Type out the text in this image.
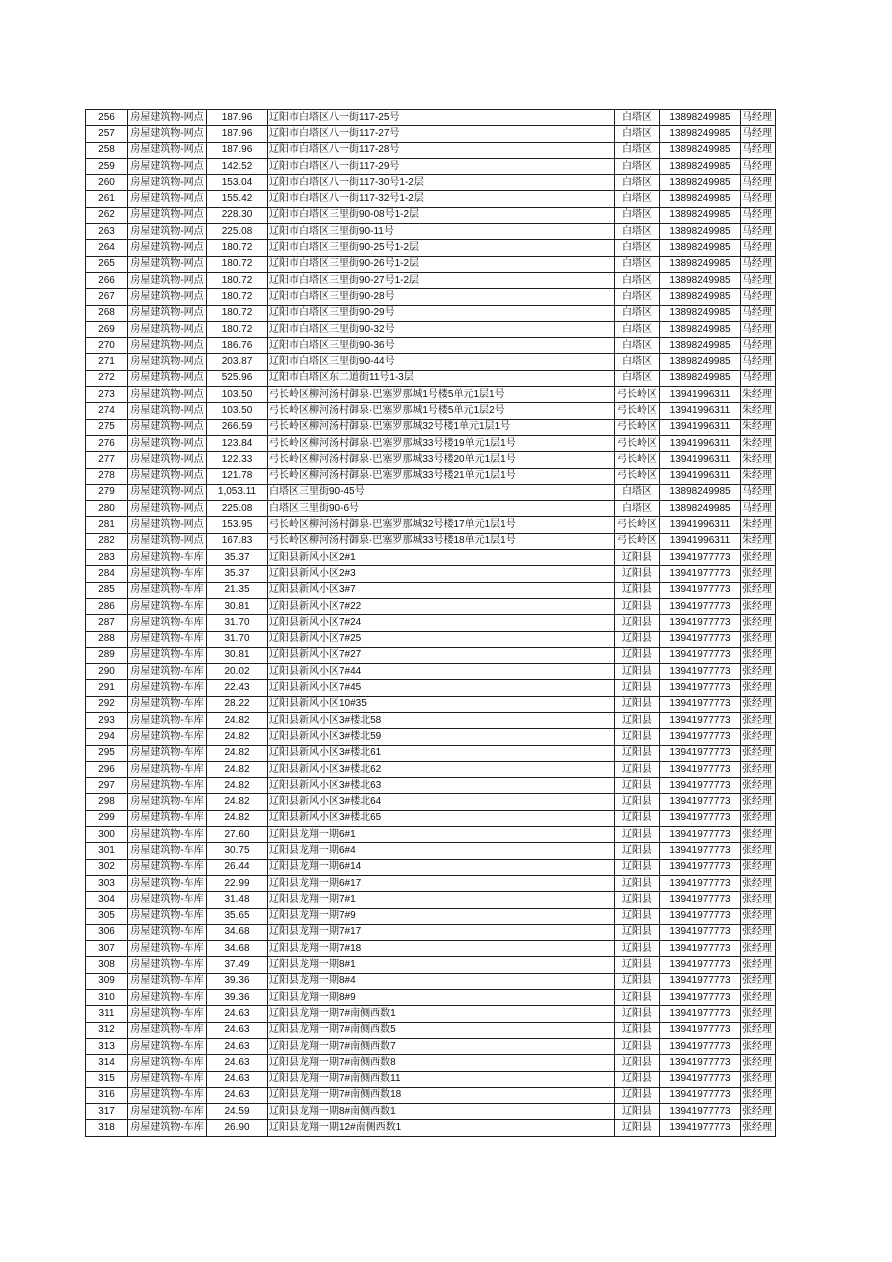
256	房屋建筑物-网点	187.96	辽阳市白塔区八一街117-25号	白塔区	13898249985	马经理
257	房屋建筑物-网点	187.96	辽阳市白塔区八一街117-27号	白塔区	13898249985	马经理
258	房屋建筑物-网点	187.96	辽阳市白塔区八一街117-28号	白塔区	13898249985	马经理
259	房屋建筑物-网点	142.52	辽阳市白塔区八一街117-29号	白塔区	13898249985	马经理
260	房屋建筑物-网点	153.04	辽阳市白塔区八一街117-30号1-2层	白塔区	13898249985	马经理
261	房屋建筑物-网点	155.42	辽阳市白塔区八一街117-32号1-2层	白塔区	13898249985	马经理
262	房屋建筑物-网点	228.30	辽阳市白塔区三里街90-08号1-2层	白塔区	13898249985	马经理
263	房屋建筑物-网点	225.08	辽阳市白塔区三里街90-11号	白塔区	13898249985	马经理
264	房屋建筑物-网点	180.72	辽阳市白塔区三里街90-25号1-2层	白塔区	13898249985	马经理
265	房屋建筑物-网点	180.72	辽阳市白塔区三里街90-26号1-2层	白塔区	13898249985	马经理
266	房屋建筑物-网点	180.72	辽阳市白塔区三里街90-27号1-2层	白塔区	13898249985	马经理
267	房屋建筑物-网点	180.72	辽阳市白塔区三里街90-28号	白塔区	13898249985	马经理
268	房屋建筑物-网点	180.72	辽阳市白塔区三里街90-29号	白塔区	13898249985	马经理
269	房屋建筑物-网点	180.72	辽阳市白塔区三里街90-32号	白塔区	13898249985	马经理
270	房屋建筑物-网点	186.76	辽阳市白塔区三里街90-36号	白塔区	13898249985	马经理
271	房屋建筑物-网点	203.87	辽阳市白塔区三里街90-44号	白塔区	13898249985	马经理
272	房屋建筑物-网点	525.96	辽阳市白塔区东二道街11号1-3层	白塔区	13898249985	马经理
273	房屋建筑物-网点	103.50	弓长岭区柳河汤村御泉·巴塞罗那城1号楼5单元1层1号	弓长岭区	13941996311	朱经理
274	房屋建筑物-网点	103.50	弓长岭区柳河汤村御泉·巴塞罗那城1号楼5单元1层2号	弓长岭区	13941996311	朱经理
275	房屋建筑物-网点	266.59	弓长岭区柳河汤村御泉·巴塞罗那城32号楼1单元1层1号	弓长岭区	13941996311	朱经理
276	房屋建筑物-网点	123.84	弓长岭区柳河汤村御泉·巴塞罗那城33号楼19单元1层1号	弓长岭区	13941996311	朱经理
277	房屋建筑物-网点	122.33	弓长岭区柳河汤村御泉·巴塞罗那城33号楼20单元1层1号	弓长岭区	13941996311	朱经理
278	房屋建筑物-网点	121.78	弓长岭区柳河汤村御泉·巴塞罗那城33号楼21单元1层1号	弓长岭区	13941996311	朱经理
279	房屋建筑物-网点	1,053.11	白塔区三里街90-45号	白塔区	13898249985	马经理
280	房屋建筑物-网点	225.08	白塔区三里街90-6号	白塔区	13898249985	马经理
281	房屋建筑物-网点	153.95	弓长岭区柳河汤村御泉·巴塞罗那城32号楼17单元1层1号	弓长岭区	13941996311	朱经理
282	房屋建筑物-网点	167.83	弓长岭区柳河汤村御泉·巴塞罗那城33号楼18单元1层1号	弓长岭区	13941996311	朱经理
283	房屋建筑物-车库	35.37	辽阳县新风小区2#1	辽阳县	13941977773	张经理
284	房屋建筑物-车库	35.37	辽阳县新风小区2#3	辽阳县	13941977773	张经理
285	房屋建筑物-车库	21.35	辽阳县新风小区3#7	辽阳县	13941977773	张经理
286	房屋建筑物-车库	30.81	辽阳县新风小区7#22	辽阳县	13941977773	张经理
287	房屋建筑物-车库	31.70	辽阳县新风小区7#24	辽阳县	13941977773	张经理
288	房屋建筑物-车库	31.70	辽阳县新风小区7#25	辽阳县	13941977773	张经理
289	房屋建筑物-车库	30.81	辽阳县新风小区7#27	辽阳县	13941977773	张经理
290	房屋建筑物-车库	20.02	辽阳县新风小区7#44	辽阳县	13941977773	张经理
291	房屋建筑物-车库	22.43	辽阳县新风小区7#45	辽阳县	13941977773	张经理
292	房屋建筑物-车库	28.22	辽阳县新风小区10#35	辽阳县	13941977773	张经理
293	房屋建筑物-车库	24.82	辽阳县新风小区3#楼北58	辽阳县	13941977773	张经理
294	房屋建筑物-车库	24.82	辽阳县新风小区3#楼北59	辽阳县	13941977773	张经理
295	房屋建筑物-车库	24.82	辽阳县新风小区3#楼北61	辽阳县	13941977773	张经理
296	房屋建筑物-车库	24.82	辽阳县新风小区3#楼北62	辽阳县	13941977773	张经理
297	房屋建筑物-车库	24.82	辽阳县新风小区3#楼北63	辽阳县	13941977773	张经理
298	房屋建筑物-车库	24.82	辽阳县新风小区3#楼北64	辽阳县	13941977773	张经理
299	房屋建筑物-车库	24.82	辽阳县新风小区3#楼北65	辽阳县	13941977773	张经理
300	房屋建筑物-车库	27.60	辽阳县龙翔一期6#1	辽阳县	13941977773	张经理
301	房屋建筑物-车库	30.75	辽阳县龙翔一期6#4	辽阳县	13941977773	张经理
302	房屋建筑物-车库	26.44	辽阳县龙翔一期6#14	辽阳县	13941977773	张经理
303	房屋建筑物-车库	22.99	辽阳县龙翔一期6#17	辽阳县	13941977773	张经理
304	房屋建筑物-车库	31.48	辽阳县龙翔一期7#1	辽阳县	13941977773	张经理
305	房屋建筑物-车库	35.65	辽阳县龙翔一期7#9	辽阳县	13941977773	张经理
306	房屋建筑物-车库	34.68	辽阳县龙翔一期7#17	辽阳县	13941977773	张经理
307	房屋建筑物-车库	34.68	辽阳县龙翔一期7#18	辽阳县	13941977773	张经理
308	房屋建筑物-车库	37.49	辽阳县龙翔一期8#1	辽阳县	13941977773	张经理
309	房屋建筑物-车库	39.36	辽阳县龙翔一期8#4	辽阳县	13941977773	张经理
310	房屋建筑物-车库	39.36	辽阳县龙翔一期8#9	辽阳县	13941977773	张经理
311	房屋建筑物-车库	24.63	辽阳县龙翔一期7#南侧西数1	辽阳县	13941977773	张经理
312	房屋建筑物-车库	24.63	辽阳县龙翔一期7#南侧西数5	辽阳县	13941977773	张经理
313	房屋建筑物-车库	24.63	辽阳县龙翔一期7#南侧西数7	辽阳县	13941977773	张经理
314	房屋建筑物-车库	24.63	辽阳县龙翔一期7#南侧西数8	辽阳县	13941977773	张经理
315	房屋建筑物-车库	24.63	辽阳县龙翔一期7#南侧西数11	辽阳县	13941977773	张经理
316	房屋建筑物-车库	24.63	辽阳县龙翔一期7#南侧西数18	辽阳县	13941977773	张经理
317	房屋建筑物-车库	24.59	辽阳县龙翔一期8#南侧西数1	辽阳县	13941977773	张经理
318	房屋建筑物-车库	26.90	辽阳县龙翔一期12#南侧西数1	辽阳县	13941977773	张经理
